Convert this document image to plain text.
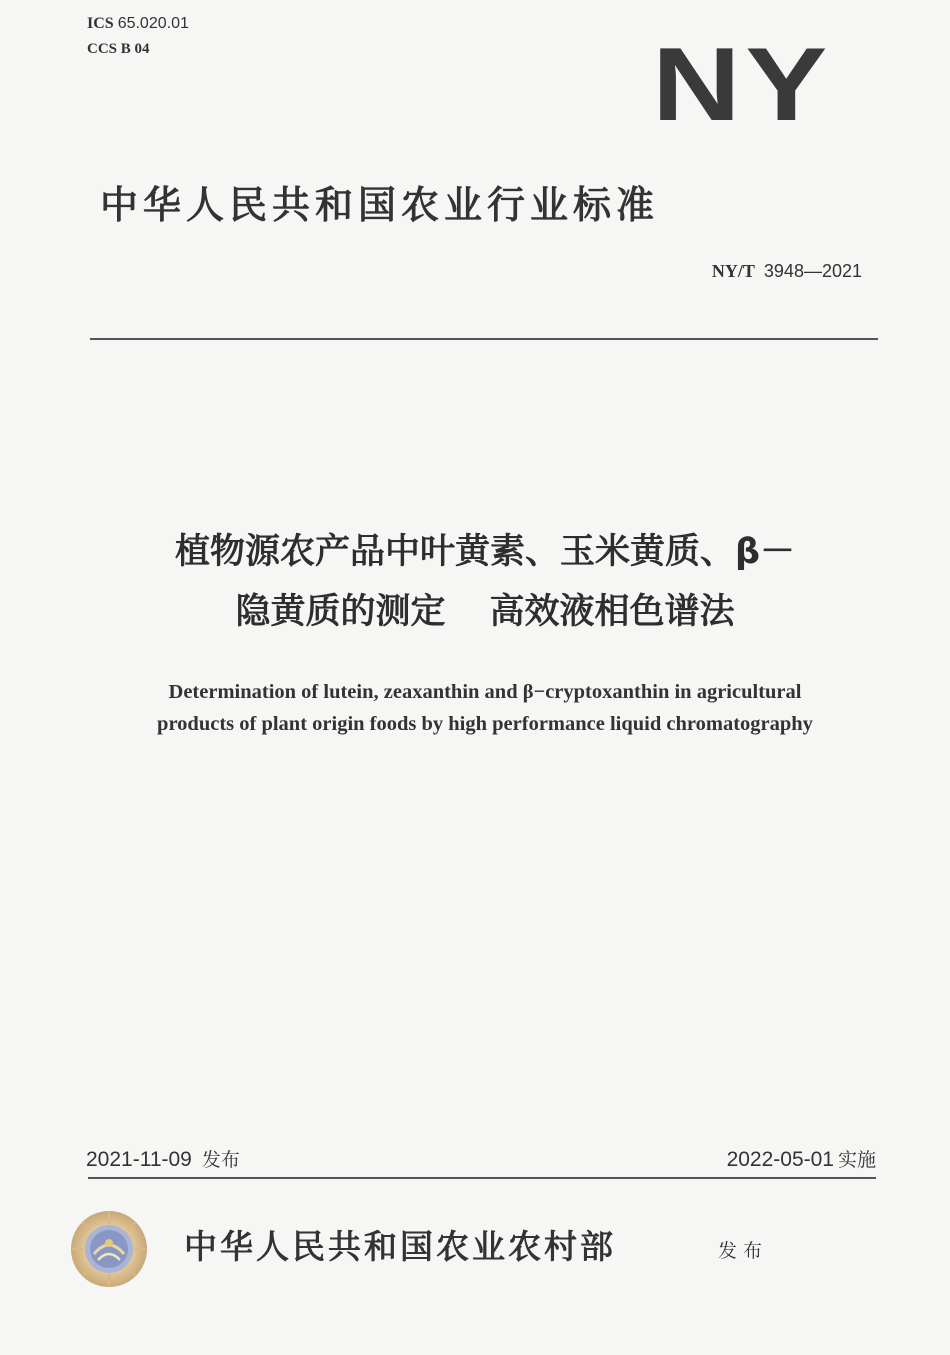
ICS 65.020.01
CCS B 04	NY
中华人民共和国农业行业标准
NY/T 3948—2021
植物源农产品中叶黄素、玉米黄质、β－
隐黄质的测定 高效液相色谱法
Determination of lutein, zeaxanthin and β−cryptoxanthin in agricultural
products of plant origin foods by high performance liquid chromatography
2021-11-09 发布	2022-05-01 实施
中华人民共和国农业农村部	发布
